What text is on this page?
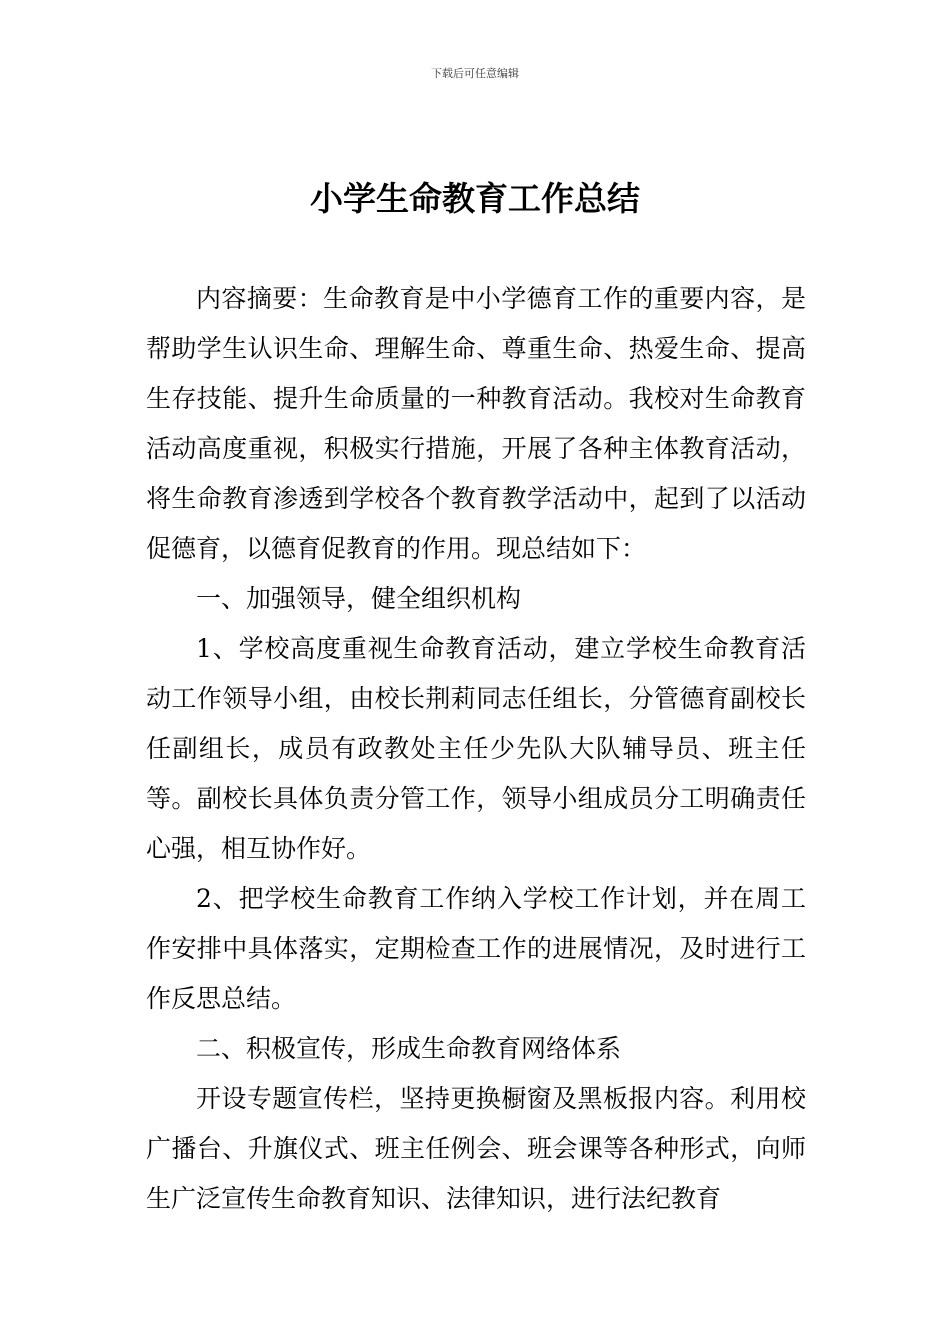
下载后可任意编辑
小学生命教育工作总结

内容摘要：生命教育是中小学德育工作的重要内容，是帮助学生认识生命、理解生命、尊重生命、热爱生命、提高生存技能、提升生命质量的一种教育活动。我校对生命教育活动高度重视，积极实行措施，开展了各种主体教育活动，将生命教育渗透到学校各个教育教学活动中，起到了以活动促德育，以德育促教育的作用。现总结如下：

一、加强领导，健全组织机构

1、学校高度重视生命教育活动，建立学校生命教育活动工作领导小组，由校长荆莉同志任组长，分管德育副校长任副组长，成员有政教处主任少先队大队辅导员、班主任等。副校长具体负责分管工作，领导小组成员分工明确责任心强，相互协作好。

2、把学校生命教育工作纳入学校工作计划，并在周工作安排中具体落实，定期检查工作的进展情况，及时进行工作反思总结。

二、积极宣传，形成生命教育网络体系

开设专题宣传栏，坚持更换橱窗及黑板报内容。利用校广播台、升旗仪式、班主任例会、班会课等各种形式，向师生广泛宣传生命教育知识、法律知识，进行法纪教育
